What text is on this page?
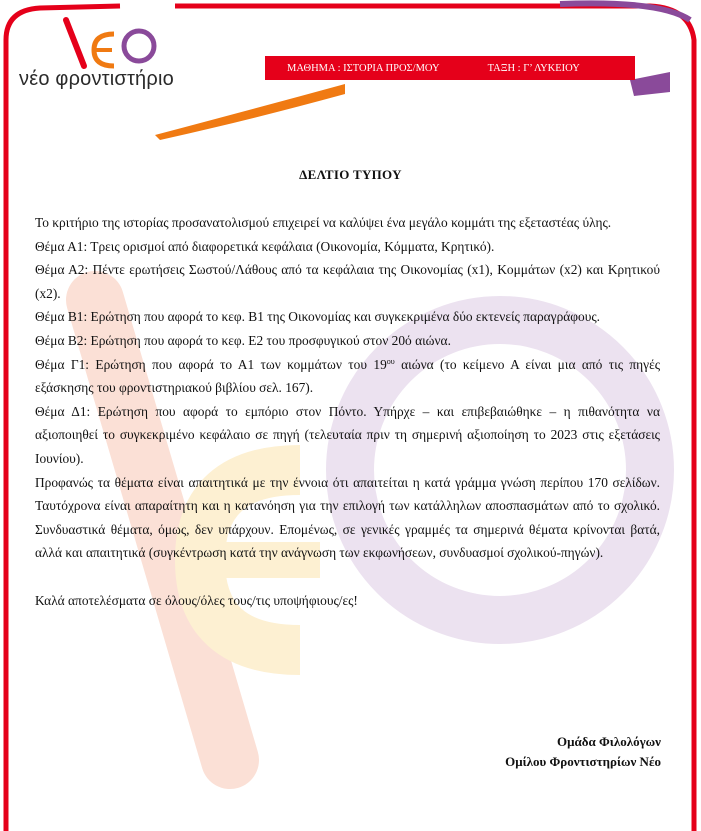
νέο φροντιστήριο	ΜΑΘΗΜΑ : ΙΣΤΟΡΙΑ ΠΡΟΣ/ΜΟΥ	ΤΑΞΗ : Γ’ ΛΥΚΕΙΟΥ
ΔΕΛΤΙΟ ΤΥΠΟΥ

Το κριτήριο της ιστορίας προσανατολισμού επιχειρεί να καλύψει ένα μεγάλο κομμάτι της εξεταστέας ύλης.

Θέμα Α1: Τρεις ορισμοί από διαφορετικά κεφάλαια (Οικονομία, Κόμματα, Κρητικό).

Θέμα Α2: Πέντε ερωτήσεις Σωστού/Λάθους από τα κεφάλαια της Οικονομίας (x1), Κομμάτων (x2) και Κρητικού (x2).

Θέμα Β1: Ερώτηση που αφορά το κεφ. Β1 της Οικονομίας και συγκεκριμένα δύο εκτενείς παραγράφους.

Θέμα Β2: Ερώτηση που αφορά το κεφ. Ε2 του προσφυγικού στον 20ό αιώνα.

Θέμα Γ1: Ερώτηση που αφορά το Α1 των κομμάτων του $19^{o\upsilon}$ αιώνα (το κείμενο Α είναι μια από τις πηγές εξάσκησης του φροντιστηριακού βιβλίου σελ. 167).

Θέμα Δ1: Ερώτηση που αφορά το εμπόριο στον Πόντο. Υπήρχε – και επιβεβαιώθηκε – η πιθανότητα να αξιοποιηθεί το συγκεκριμένο κεφάλαιο σε πηγή (τελευταία πριν τη σημερινή αξιοποίηση το 2023 στις εξετάσεις Ιουνίου).

Προφανώς τα θέματα είναι απαιτητικά με την έννοια ότι απαιτείται η κατά γράμμα γνώση περίπου 170 σελίδων. Ταυτόχρονα είναι απαραίτητη και η κατανόηση για την επιλογή των κατάλληλων αποσπασμάτων από το σχολικό. Συνδυαστικά θέματα, όμως, δεν υπάρχουν. Επομένως, σε γενικές γραμμές τα σημερινά θέματα κρίνονται βατά, αλλά και απαιτητικά (συγκέντρωση κατά την ανάγνωση των εκφωνήσεων, συνδυασμοί σχολικού-πηγών).

Καλά αποτελέσματα σε όλους/όλες τους/τις υποψήφιους/ες!

Ομάδα Φιλολόγων
Ομίλου Φροντιστηρίων Νέο
